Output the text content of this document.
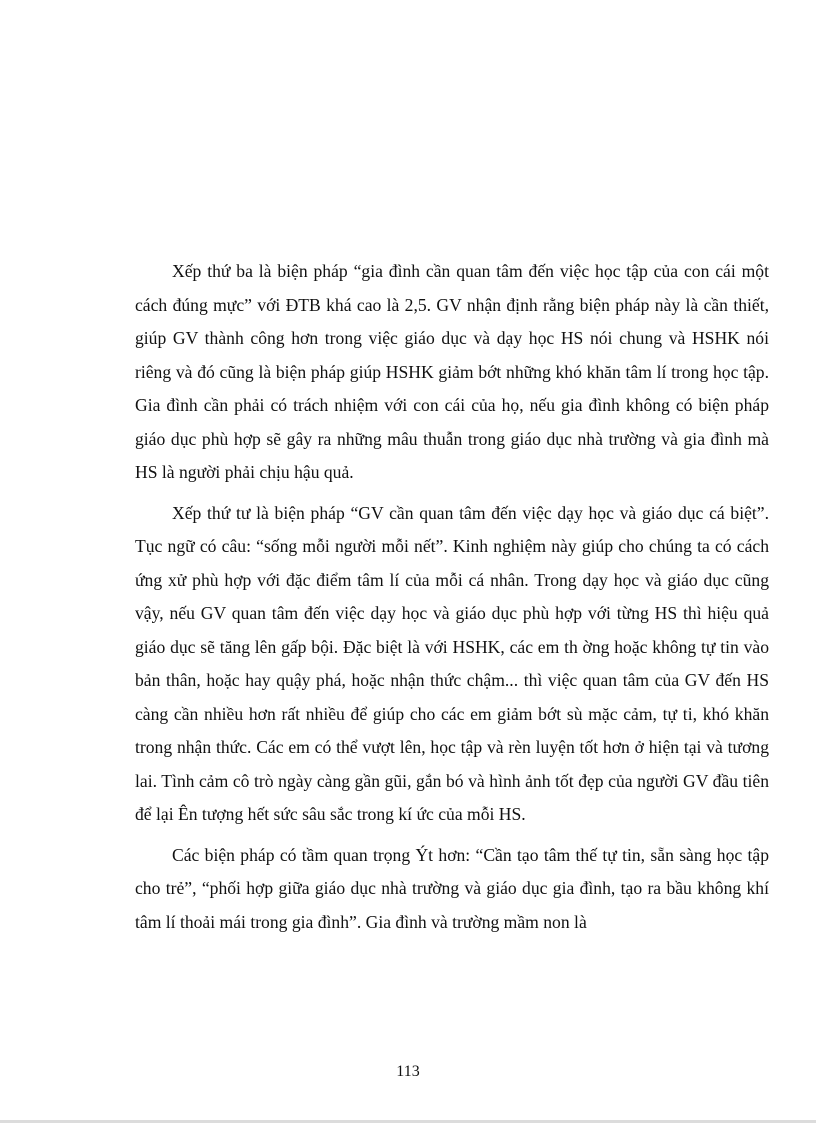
Xếp thứ ba là biện pháp “gia đình cần quan tâm đến việc học tập của con cái một cách đúng mực” với ĐTB khá cao là 2,5. GV nhận định rằng biện pháp này là cần thiết, giúp GV thành công hơn trong việc giáo dục và dạy học HS nói chung và HSHK nói riêng và đó cũng là biện pháp giúp HSHK giảm bớt những khó khăn tâm lí trong học tập. Gia đình cần phải có trách nhiệm với con cái của họ, nếu gia đình không có biện pháp giáo dục phù hợp sẽ gây ra những mâu thuẫn trong giáo dục nhà trường và gia đình mà HS là người phải chịu hậu quả.

Xếp thứ tư là biện pháp “GV cần quan tâm đến việc dạy học và giáo dục cá biệt”. Tục ngữ có câu: “sống mỗi người mỗi nết”. Kinh nghiệm này giúp cho chúng ta có cách ứng xử phù hợp với đặc điểm tâm lí của mỗi cá nhân. Trong dạy học và giáo dục cũng vậy, nếu GV quan tâm đến việc dạy học và giáo dục phù hợp với từng HS thì hiệu quả giáo dục sẽ tăng lên gấp bội. Đặc biệt là với HSHK, các em th ờng hoặc không tự tin vào bản thân, hoặc hay quậy phá, hoặc nhận thức chậm... thì việc quan tâm của GV đến HS càng cần nhiều hơn rất nhiều để giúp cho các em giảm bớt sù mặc cảm, tự ti, khó khăn trong nhận thức. Các em có thể vượt lên, học tập và rèn luyện tốt hơn ở hiện tại và tương lai. Tình cảm cô trò ngày càng gần gũi, gắn bó và hình ảnh tốt đẹp của người GV đầu tiên để lại Ên tượng hết sức sâu sắc trong kí ức của mỗi HS.

Các biện pháp có tầm quan trọng Ýt hơn: “Cần tạo tâm thế tự tin, sẵn sàng học tập cho trẻ”, “phối hợp giữa giáo dục nhà trường và giáo dục gia đình, tạo ra bầu không khí tâm lí thoải mái trong gia đình”. Gia đình và trường mầm non là

113
